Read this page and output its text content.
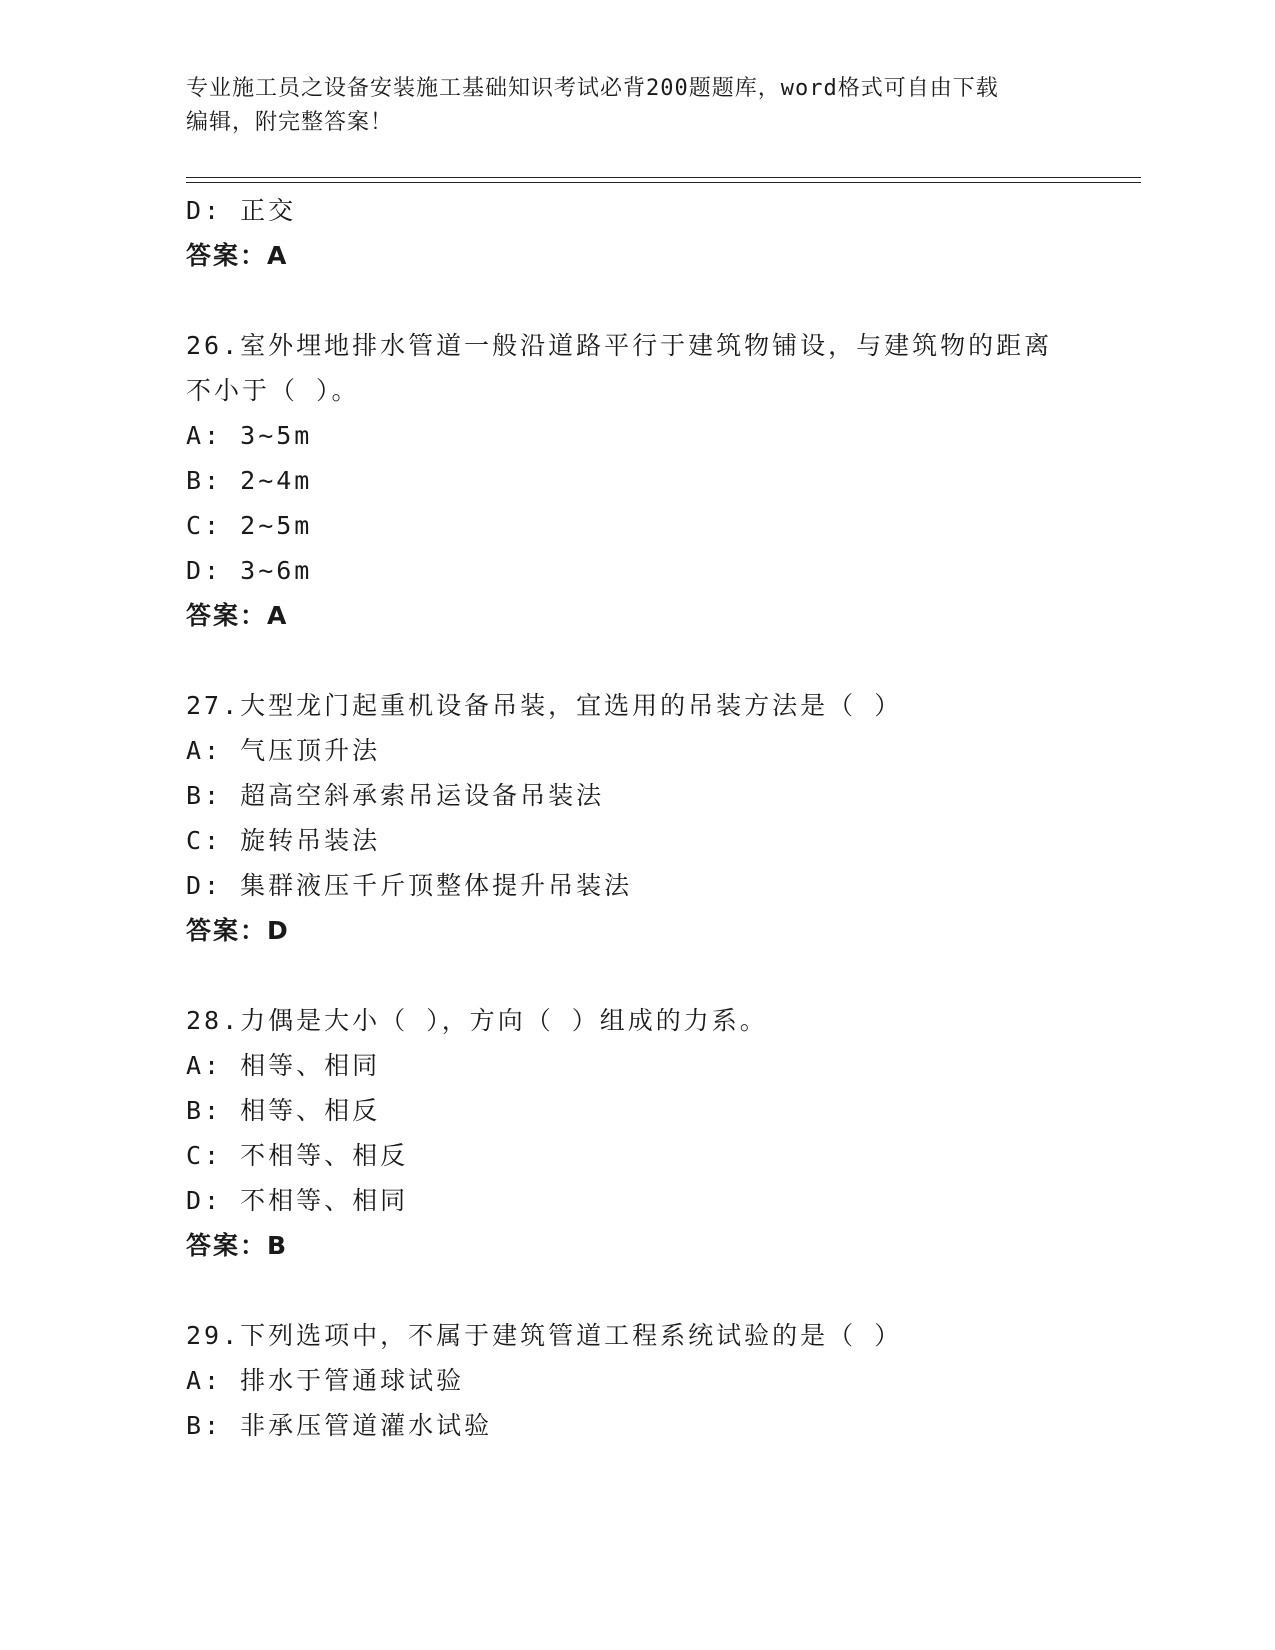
专业施工员之设备安装施工基础知识考试必背200题题库，word格式可自由下载
编辑，附完整答案！
D: 正交
答案：A
26.室外埋地排水管道一般沿道路平行于建筑物铺设，与建筑物的距离
不小于（ ）。
A: 3~5m
B: 2~4m
C: 2~5m
D: 3~6m
答案：A
27.大型龙门起重机设备吊装，宜选用的吊装方法是（ ）
A: 气压顶升法
B: 超高空斜承索吊运设备吊装法
C: 旋转吊装法
D: 集群液压千斤顶整体提升吊装法
答案：D
28.力偶是大小（ ），方向（ ）组成的力系。
A: 相等、相同
B: 相等、相反
C: 不相等、相反
D: 不相等、相同
答案：B
29.下列选项中，不属于建筑管道工程系统试验的是（ ）
A: 排水于管通球试验
B: 非承压管道灌水试验
